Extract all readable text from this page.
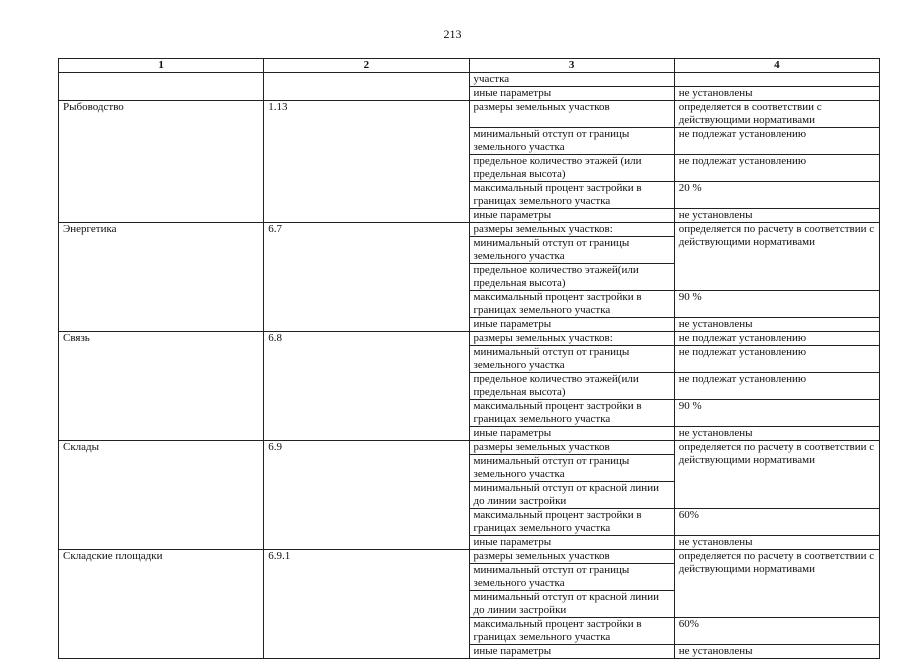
213
1	2	3	4
		участка	
		иные параметры	не установлены
Рыбоводство	1.13	размеры земельных участков	определяется в соответствии с действующими нормативами
		минимальный отступ от границы земельного участка	не подлежат установлению
		предельное количество этажей (или предельная высота)	не подлежат установлению
		максимальный процент застройки в границах земельного участка	20 %
		иные параметры	не установлены
Энергетика	6.7	размеры земельных участков:	определяется по расчету в соответствии с действующими нормативами
		минимальный отступ от границы земельного участка	
		предельное количество этажей(или предельная высота)	
		максимальный процент застройки в границах земельного участка	90 %
		иные параметры	не установлены
Связь	6.8	размеры земельных участков:	не подлежат установлению
		минимальный отступ от границы земельного участка	не подлежат установлению
		предельное количество этажей(или предельная высота)	не подлежат установлению
		максимальный процент застройки в границах земельного участка	90 %
		иные параметры	не установлены
Склады	6.9	размеры земельных участков	определяется по расчету в соответствии с действующими нормативами
		минимальный отступ от границы земельного участка	
		минимальный отступ от красной линии до линии застройки	
		максимальный процент застройки в границах земельного участка	60%
		иные параметры	не установлены
Складские площадки	6.9.1	размеры земельных участков	определяется по расчету в соответствии с действующими нормативами
		минимальный отступ от границы земельного участка	
		минимальный отступ от красной линии до линии застройки	
		максимальный процент застройки в границах земельного участка	60%
		иные параметры	не установлены
